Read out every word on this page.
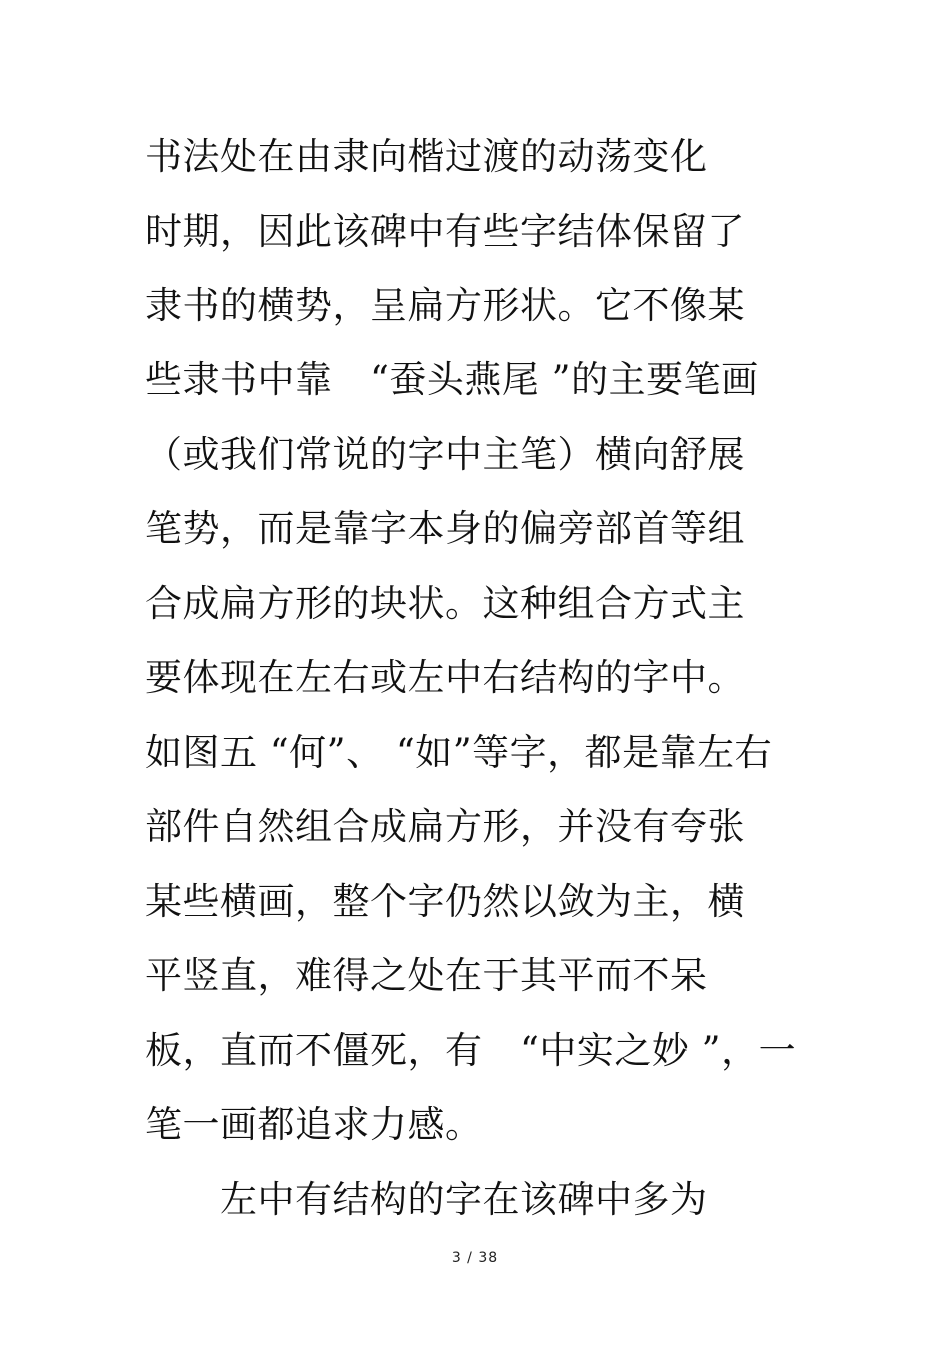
书法处在由隶向楷过渡的动荡变化
时期，因此该碑中有些字结体保留了
隶书的横势，呈扁方形状。它不像某
些隶书中靠　“蚕头燕尾 ”的主要笔画
（或我们常说的字中主笔）横向舒展
笔势，而是靠字本身的偏旁部首等组
合成扁方形的块状。这种组合方式主
要体现在左右或左中右结构的字中。
如图五 “何”、 “如”等字，都是靠左右
部件自然组合成扁方形，并没有夸张
某些横画，整个字仍然以敛为主，横
平竖直，难得之处在于其平而不呆
板，直而不僵死，有　“中实之妙 ”，一
笔一画都追求力感。
　　左中有结构的字在该碑中多为
3 / 38
